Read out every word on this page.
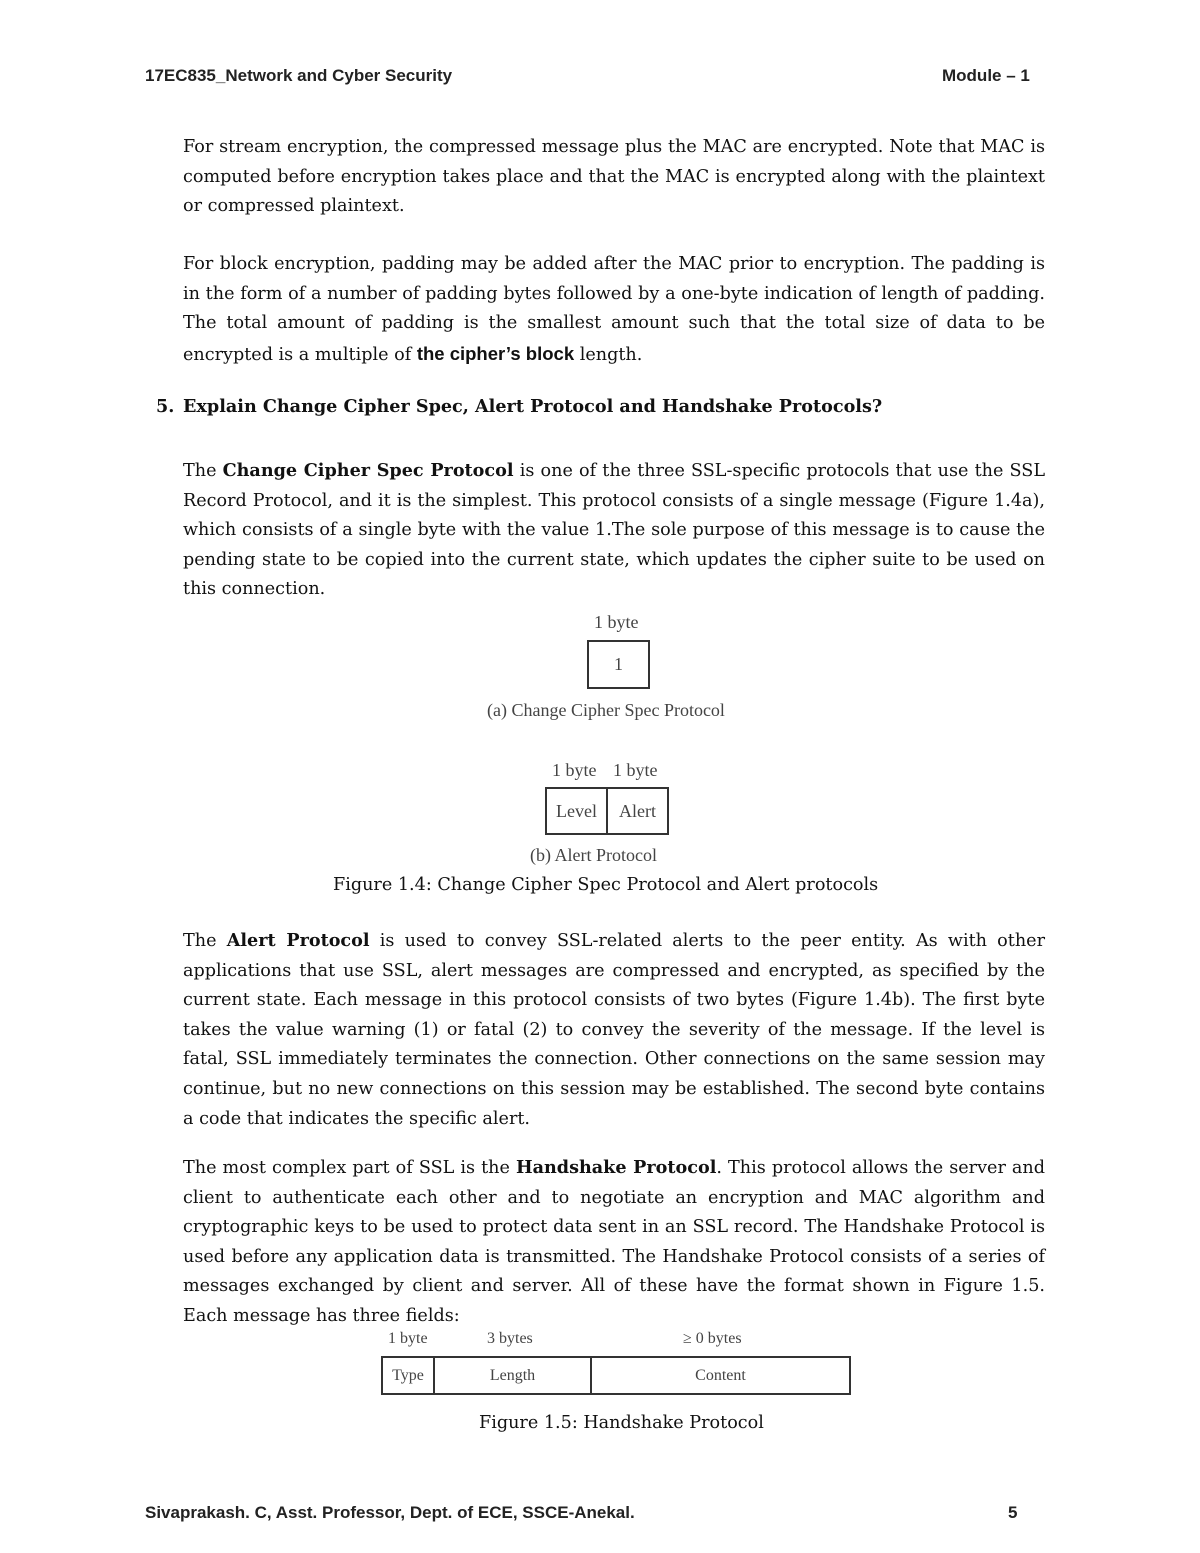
17EC835_Network and Cyber Security	Module – 1

For stream encryption, the compressed message plus the MAC are encrypted. Note that MAC is computed before encryption takes place and that the MAC is encrypted along with the plaintext or compressed plaintext.

For block encryption, padding may be added after the MAC prior to encryption. The padding is in the form of a number of padding bytes followed by a one-byte indication of length of padding. The total amount of padding is the smallest amount such that the total size of data to be encrypted is a multiple of the cipher’s block length.

5. Explain Change Cipher Spec, Alert Protocol and Handshake Protocols?

The Change Cipher Spec Protocol is one of the three SSL-specific protocols that use the SSL Record Protocol, and it is the simplest. This protocol consists of a single message (Figure 1.4a), which consists of a single byte with the value 1.The sole purpose of this message is to cause the pending state to be copied into the current state, which updates the cipher suite to be used on this connection.

1 byte
1
(a) Change Cipher Spec Protocol
1 byte 1 byte
Level	Alert
(b) Alert Protocol
Figure 1.4: Change Cipher Spec Protocol and Alert protocols

The Alert Protocol is used to convey SSL-related alerts to the peer entity. As with other applications that use SSL, alert messages are compressed and encrypted, as specified by the current state. Each message in this protocol consists of two bytes (Figure 1.4b). The first byte takes the value warning (1) or fatal (2) to convey the severity of the message. If the level is fatal, SSL immediately terminates the connection. Other connections on the same session may continue, but no new connections on this session may be established. The second byte contains a code that indicates the specific alert.

The most complex part of SSL is the Handshake Protocol. This protocol allows the server and client to authenticate each other and to negotiate an encryption and MAC algorithm and cryptographic keys to be used to protect data sent in an SSL record. The Handshake Protocol is used before any application data is transmitted. The Handshake Protocol consists of a series of messages exchanged by client and server. All of these have the format shown in Figure 1.5. Each message has three fields:

1 byte	3 bytes	≥ 0 bytes
Type	Length	Content
Figure 1.5: Handshake Protocol
Sivaprakash. C, Asst. Professor, Dept. of ECE, SSCE-Anekal.	5
